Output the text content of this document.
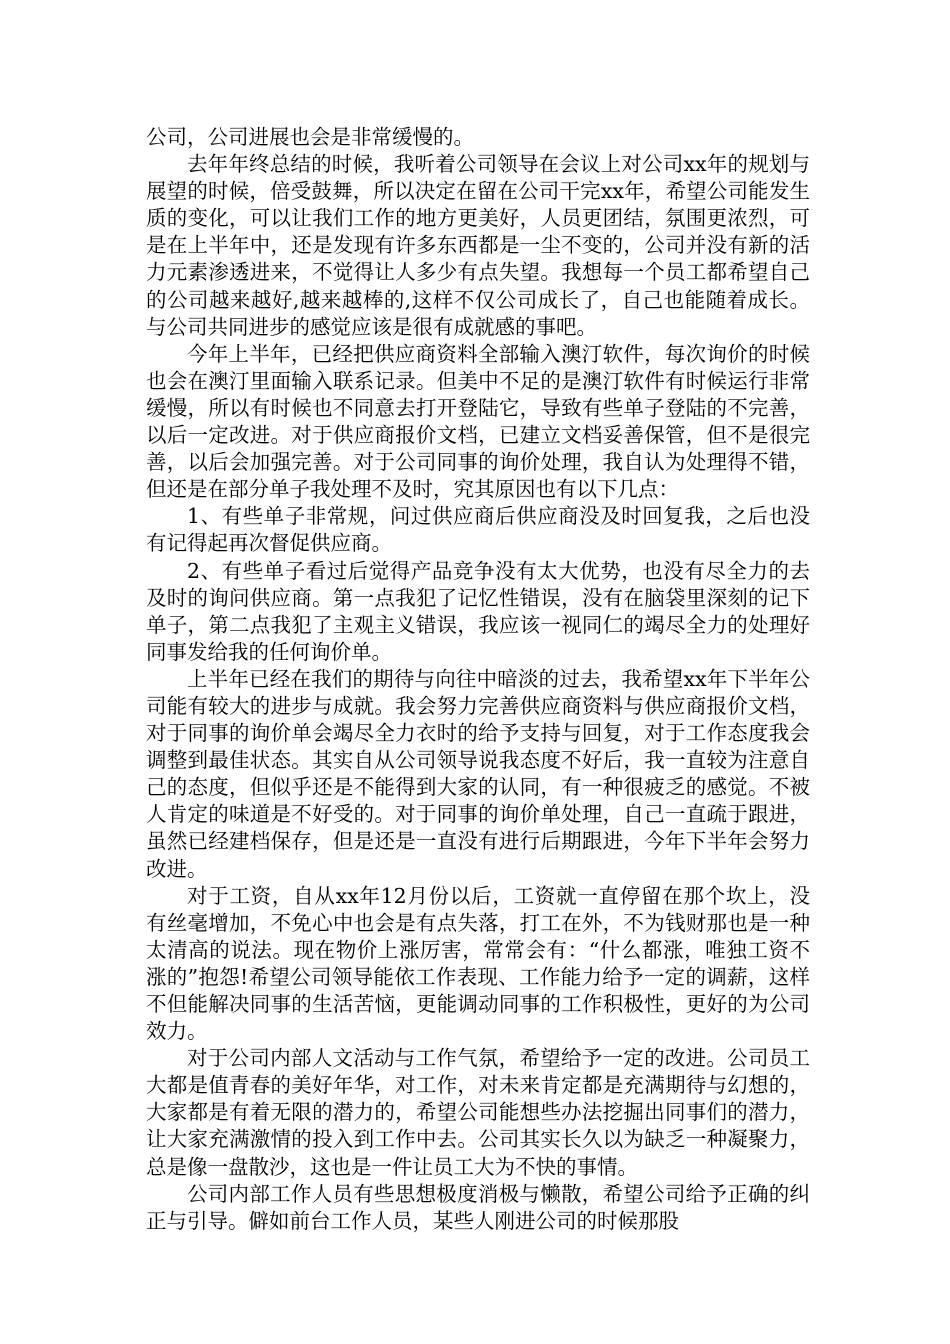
公司，公司进展也会是非常缓慢的。

去年年终总结的时候，我听着公司领导在会议上对公司xx年的规划与展望的时候，倍受鼓舞，所以决定在留在公司干完xx年，希望公司能发生质的变化，可以让我们工作的地方更美好，人员更团结，氛围更浓烈，可是在上半年中，还是发现有许多东西都是一尘不变的，公司并没有新的活力元素渗透进来，不觉得让人多少有点失望。我想每一个员工都希望自己的公司越来越好,越来越棒的,这样不仅公司成长了，自己也能随着成长。与公司共同进步的感觉应该是很有成就感的事吧。

今年上半年，已经把供应商资料全部输入澳汀软件，每次询价的时候也会在澳汀里面输入联系记录。但美中不足的是澳汀软件有时候运行非常缓慢，所以有时候也不同意去打开登陆它，导致有些单子登陆的不完善，以后一定改进。对于供应商报价文档，已建立文档妥善保管，但不是很完善，以后会加强完善。对于公司同事的询价处理，我自认为处理得不错，但还是在部分单子我处理不及时，究其原因也有以下几点：

1、有些单子非常规，问过供应商后供应商没及时回复我，之后也没有记得起再次督促供应商。

2、有些单子看过后觉得产品竞争没有太大优势，也没有尽全力的去及时的询问供应商。第一点我犯了记忆性错误，没有在脑袋里深刻的记下单子，第二点我犯了主观主义错误，我应该一视同仁的竭尽全力的处理好同事发给我的任何询价单。

上半年已经在我们的期待与向往中暗淡的过去，我希望xx年下半年公司能有较大的进步与成就。我会努力完善供应商资料与供应商报价文档，对于同事的询价单会竭尽全力衣时的给予支持与回复，对于工作态度我会调整到最佳状态。其实自从公司领导说我态度不好后，我一直较为注意自己的态度，但似乎还是不能得到大家的认同，有一种很疲乏的感觉。不被人肯定的味道是不好受的。对于同事的询价单处理，自己一直疏于跟进，虽然已经建档保存，但是还是一直没有进行后期跟进，今年下半年会努力改进。

对于工资，自从xx年12月份以后，工资就一直停留在那个坎上，没有丝毫增加，不免心中也会是有点失落，打工在外，不为钱财那也是一种太清高的说法。现在物价上涨厉害，常常会有：“什么都涨，唯独工资不涨的”抱怨!希望公司领导能依工作表现、工作能力给予一定的调薪，这样不但能解决同事的生活苦恼，更能调动同事的工作积极性，更好的为公司效力。

对于公司内部人文活动与工作气氛，希望给予一定的改进。公司员工大都是值青春的美好年华，对工作，对未来肯定都是充满期待与幻想的，大家都是有着无限的潜力的，希望公司能想些办法挖掘出同事们的潜力，让大家充满激情的投入到工作中去。公司其实长久以为缺乏一种凝聚力，总是像一盘散沙，这也是一件让员工大为不快的事情。

公司内部工作人员有些思想极度消极与懒散，希望公司给予正确的纠正与引导。僻如前台工作人员，某些人刚进公司的时候那股
